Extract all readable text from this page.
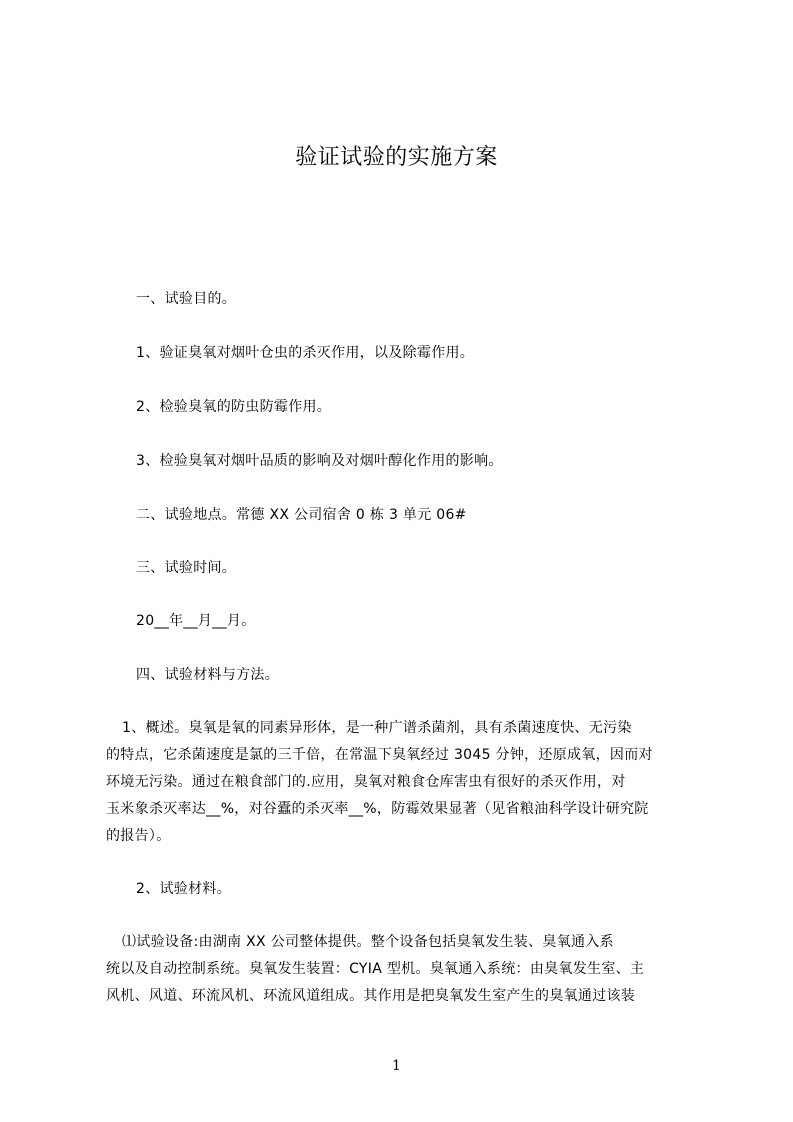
验证试验的实施方案
一、试验目的。
1、验证臭氧对烟叶仓虫的杀灭作用，以及除霉作用。
2、检验臭氧的防虫防霉作用。
3、检验臭氧对烟叶品质的影响及对烟叶醇化作用的影响。
二、试验地点。常德 XX 公司宿舍 0 栋 3 单元 06#
三、试验时间。
20__年__月__月。
四、试验材料与方法。
1、概述。臭氧是氧的同素异形体，是一种广谱杀菌剂，具有杀菌速度快、无污染
的特点，它杀菌速度是氯的三千倍，在常温下臭氧经过 3045 分钟，还原成氧，因而对
环境无污染。通过在粮食部门的.应用，臭氧对粮食仓库害虫有很好的杀灭作用，对
玉米象杀灭率达__%，对谷蠹的杀灭率__%，防霉效果显著（见省粮油科学设计研究院
的报告）。
2、试验材料。
⑴试验设备:由湖南 XX 公司整体提供。整个设备包括臭氧发生装、臭氧通入系
统以及自动控制系统。臭氧发生装置：CYIA 型机。臭氧通入系统：由臭氧发生室、主
风机、风道、环流风机、环流风道组成。其作用是把臭氧发生室产生的臭氧通过该装
1
